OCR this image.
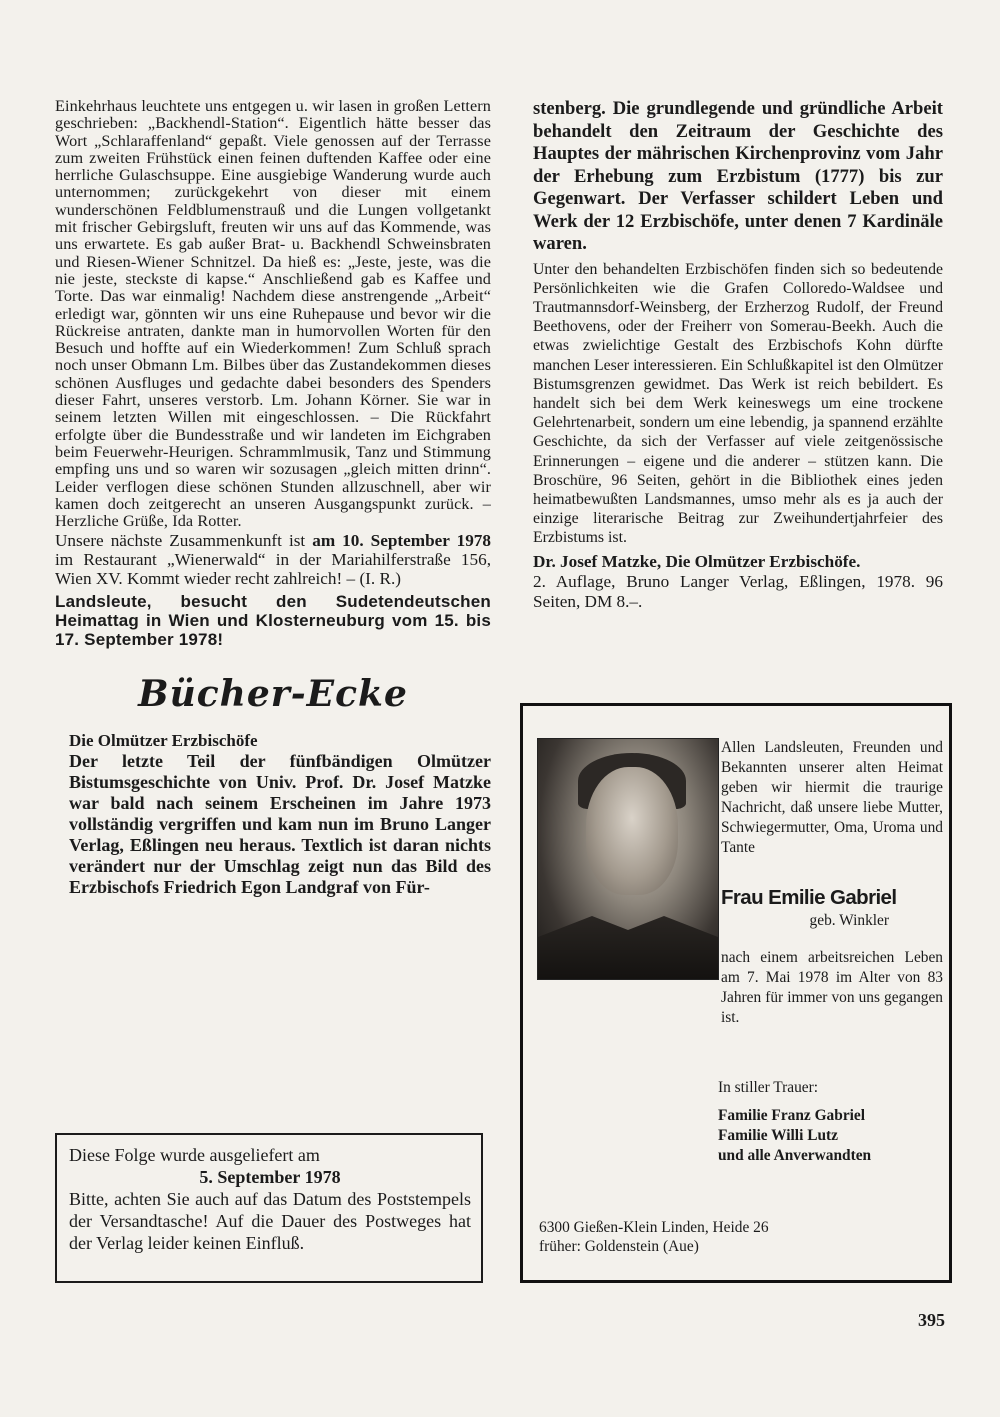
Einkehrhaus leuchtete uns entgegen u. wir lasen in großen Lettern geschrieben: „Backhendl-Station“. Eigentlich hätte besser das Wort „Schlaraffenland“ gepaßt. Viele genossen auf der Terrasse zum zweiten Frühstück einen feinen duftenden Kaffee oder eine herrliche Gulaschsuppe. Eine ausgiebige Wanderung wurde auch unternommen; zurückgekehrt von dieser mit einem wunderschönen Feldblumenstrauß und die Lungen vollgetankt mit frischer Gebirgsluft, freuten wir uns auf das Kommende, was uns erwartete. Es gab außer Brat- u. Backhendl Schweinsbraten und Riesen-Wiener Schnitzel. Da hieß es: „Jeste, jeste, was die nie jeste, steckste di kapse.“ Anschließend gab es Kaffee und Torte. Das war einmalig! Nachdem diese anstrengende „Arbeit“ erledigt war, gönnten wir uns eine Ruhepause und bevor wir die Rückreise antraten, dankte man in humorvollen Worten für den Besuch und hoffte auf ein Wiederkommen! Zum Schluß sprach noch unser Obmann Lm. Bilbes über das Zustandekommen dieses schönen Ausfluges und gedachte dabei besonders des Spenders dieser Fahrt, unseres verstorb. Lm. Johann Körner. Sie war in seinem letzten Willen mit eingeschlossen. – Die Rückfahrt erfolgte über die Bundesstraße und wir landeten im Eichgraben beim Feuerwehr-Heurigen. Schrammlmusik, Tanz und Stimmung empfing uns und so waren wir sozusagen „gleich mitten drinn“. Leider verflogen diese schönen Stunden allzuschnell, aber wir kamen doch zeitgerecht an unseren Ausgangspunkt zurück. – Herzliche Grüße, Ida Rotter.

Unsere nächste Zusammenkunft ist am 10. September 1978 im Restaurant „Wienerwald“ in der Mariahilferstraße 156, Wien XV. Kommt wieder recht zahlreich! – (I. R.)

Landsleute, besucht den Sudetendeutschen Heimattag in Wien und Klosterneuburg vom 15. bis 17. September 1978!

Bücher-Ecke
Die Olmützer Erzbischöfe

Der letzte Teil der fünfbändigen Olmützer Bistumsgeschichte von Univ. Prof. Dr. Josef Matzke war bald nach seinem Erscheinen im Jahre 1973 vollständig vergriffen und kam nun im Bruno Langer Verlag, Eßlingen neu heraus. Textlich ist daran nichts verändert nur der Umschlag zeigt nun das Bild des Erzbischofs Friedrich Egon Landgraf von Für-

stenberg. Die grundlegende und gründliche Arbeit behandelt den Zeitraum der Geschichte des Hauptes der mährischen Kirchenprovinz vom Jahr der Erhebung zum Erzbistum (1777) bis zur Gegenwart. Der Verfasser schildert Leben und Werk der 12 Erzbischöfe, unter denen 7 Kardinäle waren.

Unter den behandelten Erzbischöfen finden sich so bedeutende Persönlichkeiten wie die Grafen Colloredo-Waldsee und Trautmannsdorf-Weinsberg, der Erzherzog Rudolf, der Freund Beethovens, oder der Freiherr von Somerau-Beekh. Auch die etwas zwielichtige Gestalt des Erzbischofs Kohn dürfte manchen Leser interessieren. Ein Schlußkapitel ist den Olmützer Bistumsgrenzen gewidmet. Das Werk ist reich bebildert. Es handelt sich bei dem Werk keineswegs um eine trockene Gelehrtenarbeit, sondern um eine lebendig, ja spannend erzählte Geschichte, da sich der Verfasser auf viele zeitgenössische Erinnerungen – eigene und die anderer – stützen kann. Die Broschüre, 96 Seiten, gehört in die Bibliothek eines jeden heimatbewußten Landsmannes, umso mehr als es ja auch der einzige literarische Beitrag zur Zweihundertjahrfeier des Erzbistums ist.

Dr. Josef Matzke, Die Olmützer Erzbischöfe.
2. Auflage, Bruno Langer Verlag, Eßlingen, 1978. 96 Seiten, DM 8.–.

Diese Folge wurde ausgeliefert am
5. September 1978

Bitte, achten Sie auch auf das Datum des Poststempels der Versandtasche! Auf die Dauer des Postweges hat der Verlag leider keinen Einfluß.

Allen Landsleuten, Freunden und Bekannten unserer alten Heimat geben wir hiermit die traurige Nachricht, daß unsere liebe Mutter, Schwiegermutter, Oma, Uroma und Tante

Frau Emilie Gabriel
geb. Winkler

nach einem arbeitsreichen Leben am 7. Mai 1978 im Alter von 83 Jahren für immer von uns gegangen ist.

In stiller Trauer:
Familie Franz Gabriel
Familie Willi Lutz
und alle Anverwandten
6300 Gießen-Klein Linden, Heide 26
früher: Goldenstein (Aue)
395
